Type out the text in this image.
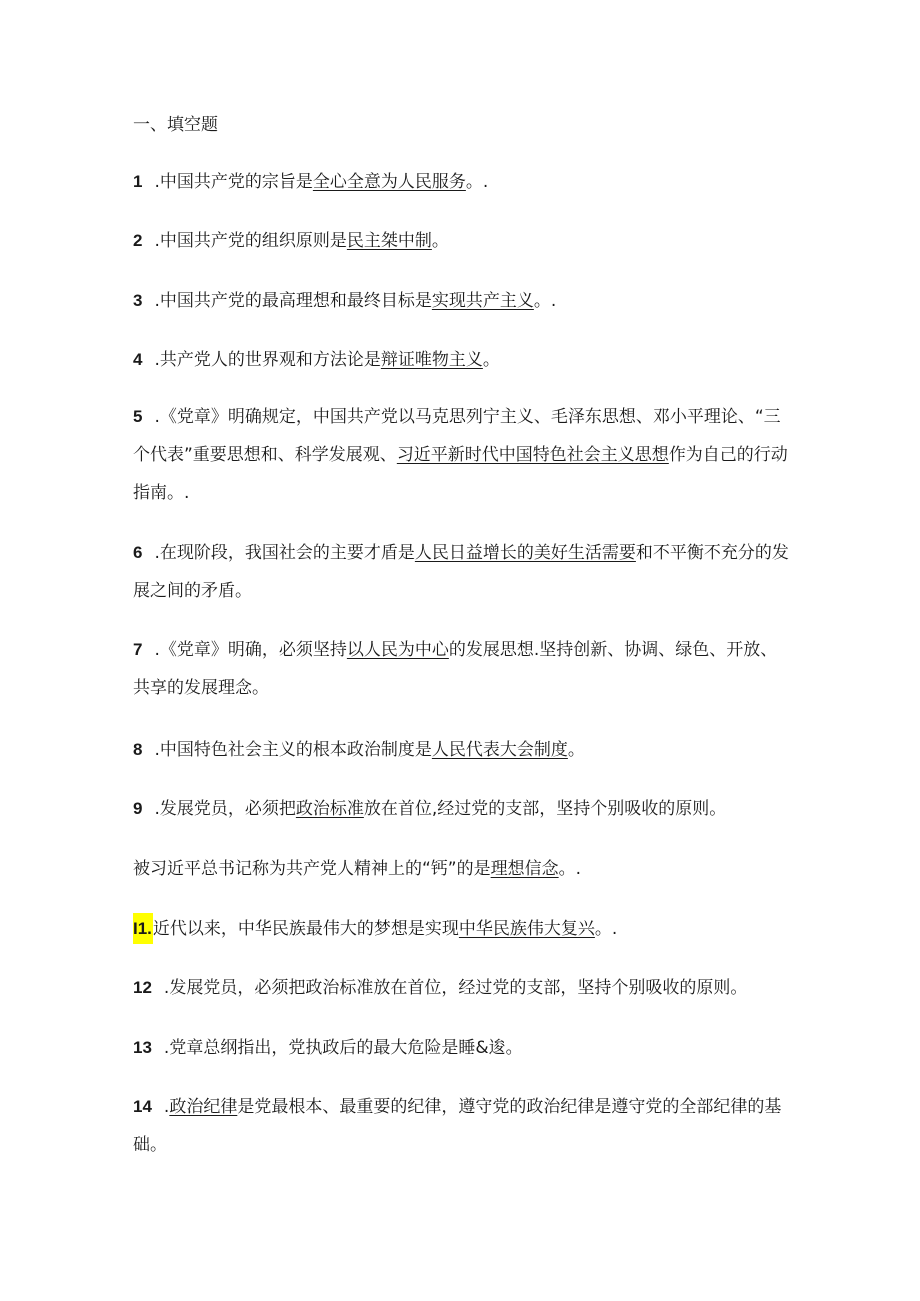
一、填空题
1 .中国共产党的宗旨是全心全意为人民服务。.
2 .中国共产党的组织原则是民主桀中制。
3 .中国共产党的最高理想和最终目标是实现共产主义。.
4 .共产党人的世界观和方法论是辩证唯物主义。
5 .《党章》明确规定，中国共产党以马克思列宁主义、毛泽东思想、邓小平理论、“三个代表”重要思想和、科学发展观、习近平新时代中国特色社会主义思想作为自己的行动指南。.
6 .在现阶段，我国社会的主要才盾是人民日益增长的美好生活需要和不平衡不充分的发展之间的矛盾。
7 .《党章》明确，必须坚持以人民为中心的发展思想.坚持创新、协调、绿色、开放、共享的发展理念。
8 .中国特色社会主义的根本政治制度是人民代表大会制度。
9 .发展党员，必须把政治标准放在首位,经过党的支部，坚持个别吸收的原则。
被习近平总书记称为共产党人精神上的“钙”的是理想信念。.
I1.近代以来，中华民族最伟大的梦想是实现中华民族伟大复兴。.
12 .发展党员，必须把政治标准放在首位，经过党的支部，坚持个别吸收的原则。
13 .党章总纲指出，党执政后的最大危险是睡&逡。
14 .政治纪律是党最根本、最重要的纪律，遵守党的政治纪律是遵守党的全部纪律的基础。
